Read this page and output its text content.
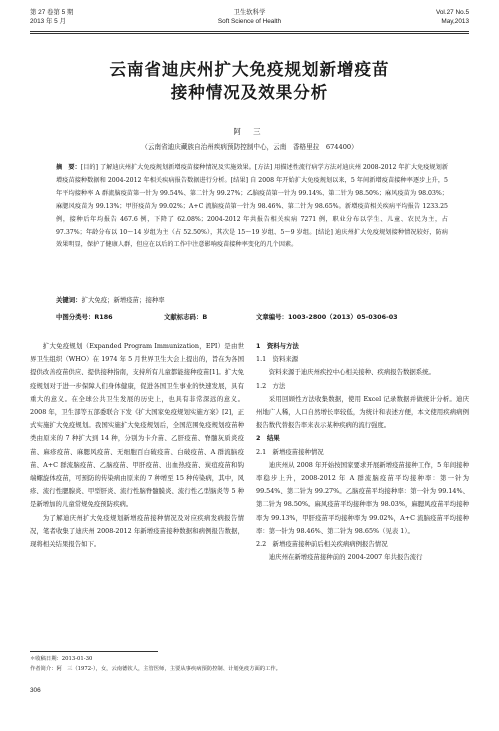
第 27 卷第 5 期
2013 年 5 月
卫生软科学
Soft Science of Health
Vol.27 No.5
May,2013
云南省迪庆州扩大免疫规划新增疫苗
接种情况及效果分析
阿 三
（云南省迪庆藏族自治州疾病预防控制中心，云南　香格里拉　674400）
摘　要：[目的] 了解迪庆州扩大免疫规划新增疫苗接种情况及实施效果。[方法] 用描述性流行病学方法对迪庆州 2008-2012 年扩大免疫规划新增疫苗接种数据和 2004-2012 年相关疾病报告数据进行分析。[结果] 自 2008 年开始扩大免疫规划以来，5 年间新增疫苗接种率逐步上升，5 年平均接种率 A 群流脑疫苗第一针为 99.54%、第二针为 99.27%；乙脑疫苗第一针为 99.14%、第二针为 98.50%；麻风疫苗为 98.03%；麻腮风疫苗为 99.13%；甲肝疫苗为 99.02%；A+C 流脑疫苗第一针为 98.46%、第二针为 98.65%。新增疫苗相关疾病平均报告 1233.25 例，接种后年均报告 467.6 例，下降了 62.08%；2004-2012 年共报告相关疾病 7271 例，职业分布以学生、儿童、农民为主，占 97.37%；年龄分布以 10～14 岁组为主（占 52.50%），其次是 15～19 岁组、5～9 岁组。[结论] 迪庆州扩大免疫规划接种情况较好，防病效果明显，保护了健康人群，但应在以后的工作中注意影响疫苗接种率变化的几个因素。
关键词：扩大免疫；新增疫苗；接种率
中图分类号：R186	文献标志码：B	文章编号：1003-2800（2013）05-0306-03

扩大免疫规划（Expanded Program Immunization，EPI）是由世界卫生组织（WHO）在 1974 年 5 月世界卫生大会上提出的，旨在为各国提供改善疫苗供应、提供接种指南，支持所有儿童都能接种疫苗[1]。扩大免疫规划对于进一步保障人们身体健康，促进各国卫生事业的快速发展，具有重大的意义。在全球公共卫生发展的历史上，也具有非常深远的意义。2008 年，卫生部等五部委联合下发《扩大国家免疫规划实施方案》[2]，正式实施扩大免疫规划。我国实施扩大免疫规划后，全国范围免疫规划疫苗种类由原来的 7 种扩大到 14 种，分别为卡介苗、乙肝疫苗、脊髓灰质炎疫苗、麻疹疫苗、麻腮风疫苗、无细胞百白破疫苗、白破疫苗、A 群流脑疫苗、A+C 群流脑疫苗、乙脑疫苗、甲肝疫苗、出血热疫苗、炭疽疫苗和钩端螺旋体疫苗，可预防的传染病由原来的 7 种增至 15 种传染病，其中，风疹、流行性腮腺炎、甲型肝炎、流行性脑脊髓膜炎、流行性乙型脑炎等 5 种是新增加的儿童常规免疫预防疾病。

为了解迪庆州扩大免疫规划新增疫苗接种情况及对应疾病发病报告情况，笔者收集了迪庆州 2008-2012 年新增疫苗接种数据和病例报告数据，现将相关结果报告如下。

1　资料与方法
1.1　资料来源

资料来源于迪庆州疾控中心相关接种、疾病报告数据系统。

1.2　方法

采用回顾性方法收集数据，使用 Excel 记录数据并做统计分析。迪庆州地广人稀，人口自然增长率较低，为统计和表述方便，本文使用疾病病例报告数代替报告率来表示某种疾病的流行强度。

2　结果
2.1　新增疫苗接种情况

迪庆州从 2008 年开始按国家要求开展新增疫苗接种工作，5 年间接种率稳步上升，2008-2012 年 A 群流脑疫苗平均接种率：第一针为 99.54%、第二针为 99.27%。乙脑疫苗平均接种率：第一针为 99.14%、第二针为 98.50%。麻风疫苗平均接种率为 98.03%，麻腮风疫苗平均接种率为 99.13%，甲肝疫苗平均接种率为 99.02%，A+C 流脑疫苗平均接种率：第一针为 98.46%、第二针为 98.65%（见表 1）。

2.2　新增疫苗接种前后相关疾病病例报告情况

迪庆州在新增疫苗接种前的 2004-2007 年共报告流行

＊收稿日期：2013-01-30
作者简介：阿　三（1972-），女，云南德钦人，主管医师，主要从事疾病预防控制、计划免疫方面的工作。
306
